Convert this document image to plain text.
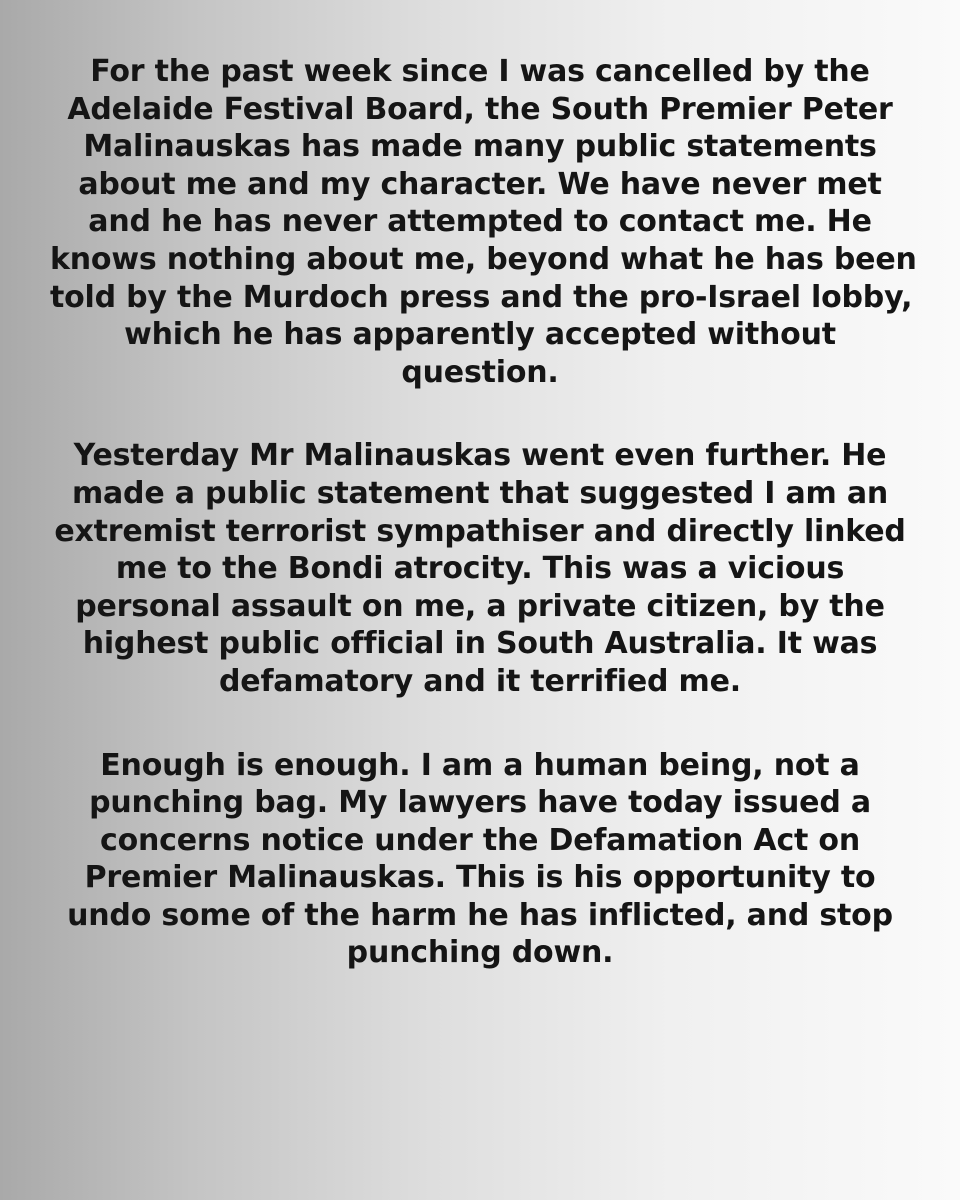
For the past week since I was cancelled by the
Adelaide Festival Board, the South Premier Peter
Malinauskas has made many public statements
about me and my character. We have never met
and he has never attempted to contact me. He
knows nothing about me, beyond what he has been
told by the Murdoch press and the pro-Israel lobby,
which he has apparently accepted without
question.

Yesterday Mr Malinauskas went even further. He
made a public statement that suggested I am an
extremist terrorist sympathiser and directly linked
me to the Bondi atrocity. This was a vicious
personal assault on me, a private citizen, by the
highest public official in South Australia. It was
defamatory and it terrified me.

Enough is enough. I am a human being, not a
punching bag. My lawyers have today issued a
concerns notice under the Defamation Act on
Premier Malinauskas. This is his opportunity to
undo some of the harm he has inflicted, and stop
punching down.
